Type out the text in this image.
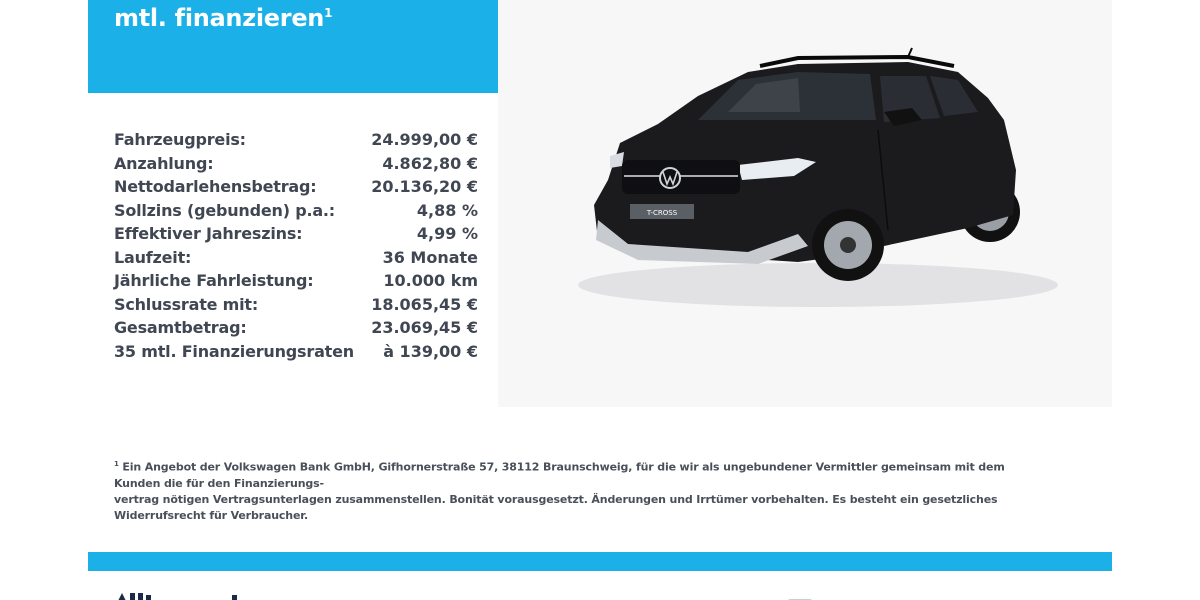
mtl. finanzieren$^1$
Fahrzeugpreis:	24.999,00 €
Anzahlung:	4.862,80 €
Nettodarlehensbetrag:	20.136,20 €
Sollzins (gebunden) p.a.:	4,88 %
Effektiver Jahreszins:	4,99 %
Laufzeit:	36 Monate
Jährliche Fahrleistung:	10.000 km
Schlussrate mit:	18.065,45 €
Gesamtbetrag:	23.069,45 €
35 mtl. Finanzierungsraten à 139,00 €
T-CROSS
$^1$ Ein Angebot der Volkswagen Bank GmbH, Gifhornerstraße 57, 38112 Braunschweig, für die wir als ungebundener Vermittler gemeinsam mit dem Kunden die für den Finanzierungs-
vertrag nötigen Vertragsunterlagen zusammenstellen. Bonität vorausgesetzt. Änderungen und Irrtümer vorbehalten. Es besteht ein gesetzliches Widerrufsrecht für Verbraucher.
